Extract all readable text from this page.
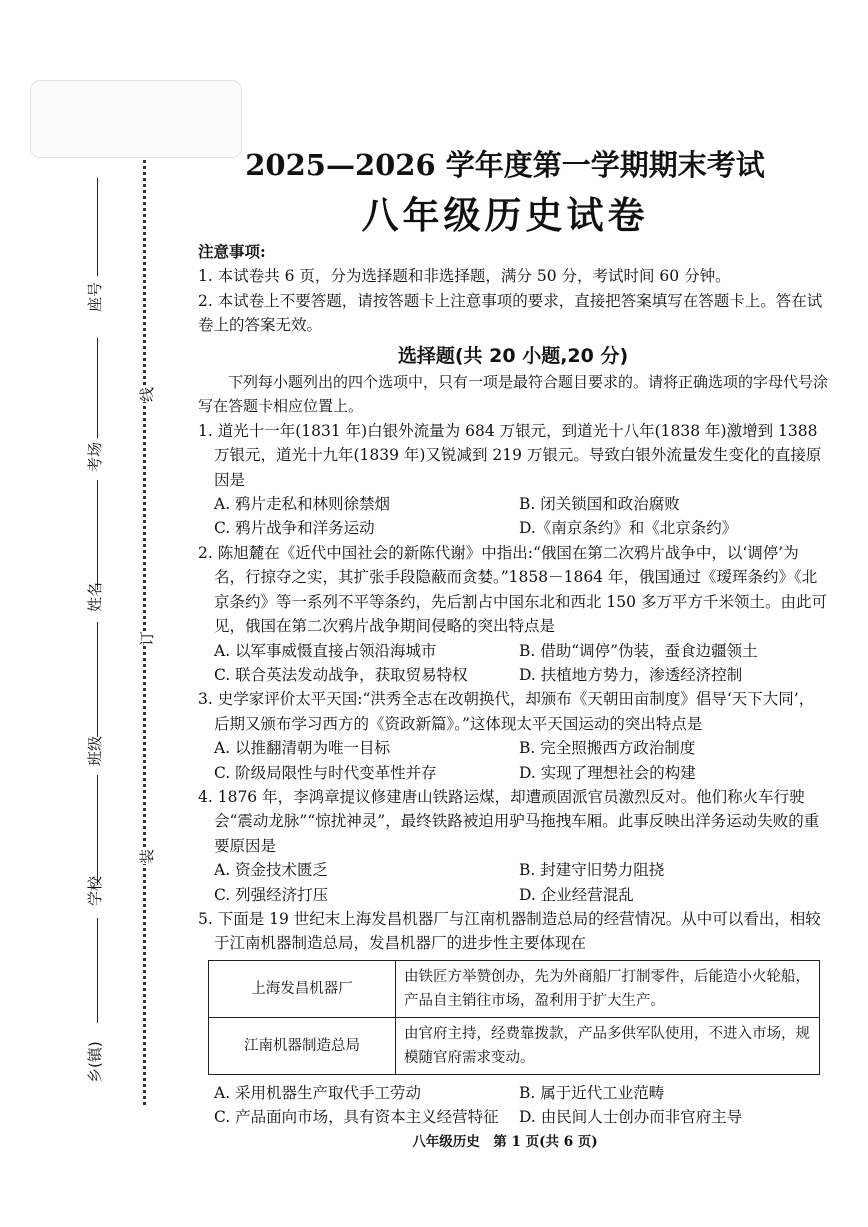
座号
考场
姓名
班级
学校
乡(镇)
线
订
装
2025—2026 学年度第一学期期末考试
八年级历史试卷

注意事项:

1. 本试卷共 6 页，分为选择题和非选择题，满分 50 分，考试时间 60 分钟。

2. 本试卷上不要答题，请按答题卡上注意事项的要求，直接把答案填写在答题卡上。答在试卷上的答案无效。

选择题(共 20 小题,20 分)

下列每小题列出的四个选项中，只有一项是最符合题目要求的。请将正确选项的字母代号涂写在答题卡相应位置上。

1. 道光十一年(1831 年)白银外流量为 684 万银元，到道光十八年(1838 年)激增到 1388 万银元，道光十九年(1839 年)又锐减到 219 万银元。导致白银外流量发生变化的直接原因是

A. 鸦片走私和林则徐禁烟	B. 闭关锁国和政治腐败
C. 鸦片战争和洋务运动	D.《南京条约》和《北京条约》

2. 陈旭麓在《近代中国社会的新陈代谢》中指出:“俄国在第二次鸦片战争中，以‘调停’为名，行掠夺之实，其扩张手段隐蔽而贪婪。”1858－1864 年，俄国通过《瑷珲条约》《北京条约》等一系列不平等条约，先后割占中国东北和西北 150 多万平方千米领土。由此可见，俄国在第二次鸦片战争期间侵略的突出特点是

A. 以军事威慑直接占领沿海城市	B. 借助“调停”伪装，蚕食边疆领土
C. 联合英法发动战争，获取贸易特权	D. 扶植地方势力，渗透经济控制

3. 史学家评价太平天国:“洪秀全志在改朝换代，却颁布《天朝田亩制度》倡导‘天下大同’，后期又颁布学习西方的《资政新篇》。”这体现太平天国运动的突出特点是

A. 以推翻清朝为唯一目标	B. 完全照搬西方政治制度
C. 阶级局限性与时代变革性并存	D. 实现了理想社会的构建

4. 1876 年，李鸿章提议修建唐山铁路运煤，却遭顽固派官员激烈反对。他们称火车行驶会“震动龙脉”“惊扰神灵”，最终铁路被迫用驴马拖拽车厢。此事反映出洋务运动失败的重要原因是

A. 资金技术匮乏	B. 封建守旧势力阻挠
C. 列强经济打压	D. 企业经营混乱

5. 下面是 19 世纪末上海发昌机器厂与江南机器制造总局的经营情况。从中可以看出，相较于江南机器制造总局，发昌机器厂的进步性主要体现在

上海发昌机器厂	由铁匠方举赞创办，先为外商船厂打制零件，后能造小火轮船，产品自主销往市场，盈利用于扩大生产。
江南机器制造总局	由官府主持，经费靠拨款，产品多供军队使用，不进入市场，规模随官府需求变动。
A. 采用机器生产取代手工劳动	B. 属于近代工业范畴
C. 产品面向市场，具有资本主义经营特征	D. 由民间人士创办而非官府主导
八年级历史　第 1 页(共 6 页)
